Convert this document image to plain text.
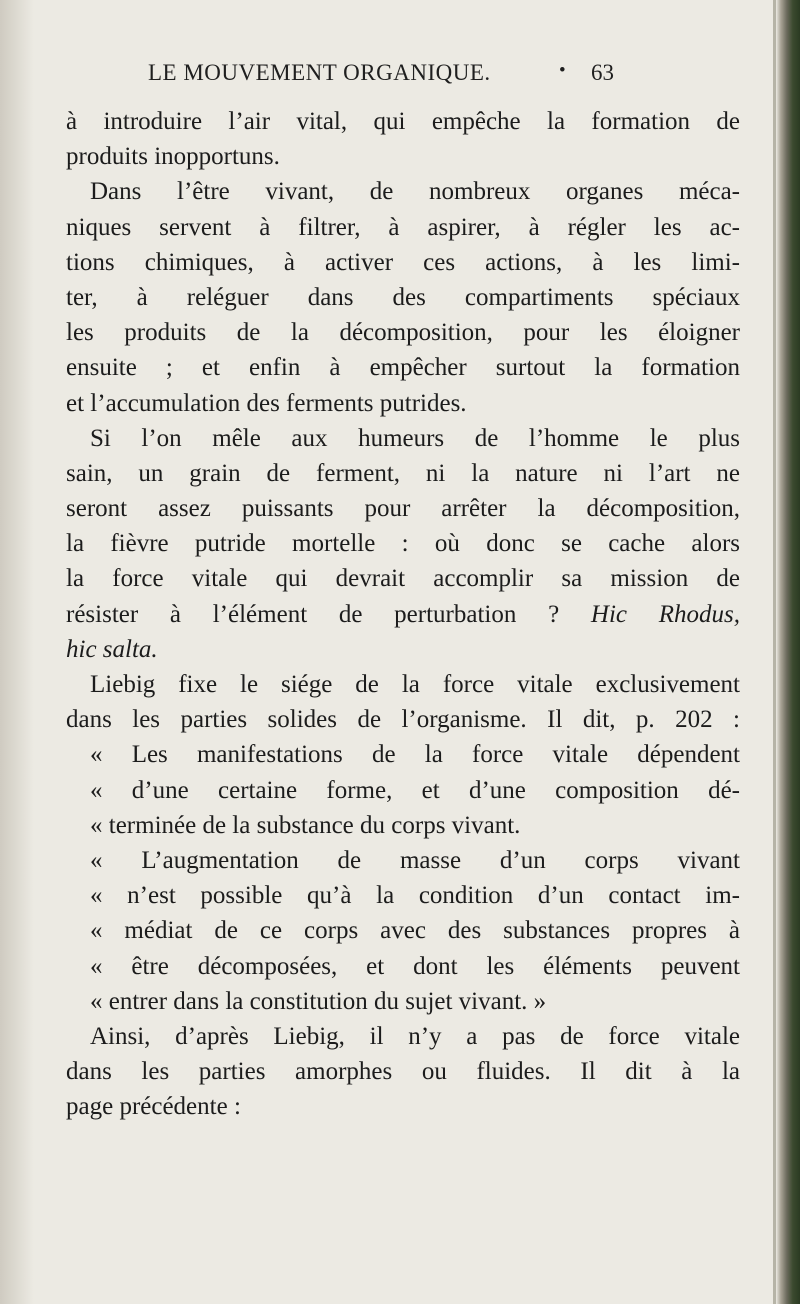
LE MOUVEMENT ORGANIQUE.	• 63
à introduire l’air vital, qui empêche la formation de
produits inopportuns.
Dans l’être vivant, de nombreux organes méca-
niques servent à filtrer, à aspirer, à régler les ac-
tions chimiques, à activer ces actions, à les limi-
ter, à reléguer dans des compartiments spéciaux
les produits de la décomposition, pour les éloigner
ensuite ; et enfin à empêcher surtout la formation
et l’accumulation des ferments putrides.
Si l’on mêle aux humeurs de l’homme le plus
sain, un grain de ferment, ni la nature ni l’art ne
seront assez puissants pour arrêter la décomposition,
la fièvre putride mortelle : où donc se cache alors
la force vitale qui devrait accomplir sa mission de
résister à l’élément de perturbation ? Hic Rhodus,
hic salta.
Liebig fixe le siége de la force vitale exclusivement
dans les parties solides de l’organisme. Il dit, p. 202 :
« Les manifestations de la force vitale dépendent
« d’une certaine forme, et d’une composition dé-
« terminée de la substance du corps vivant.
« L’augmentation de masse d’un corps vivant
« n’est possible qu’à la condition d’un contact im-
« médiat de ce corps avec des substances propres à
« être décomposées, et dont les éléments peuvent
« entrer dans la constitution du sujet vivant. »
Ainsi, d’après Liebig, il n’y a pas de force vitale
dans les parties amorphes ou fluides. Il dit à la
page précédente :
